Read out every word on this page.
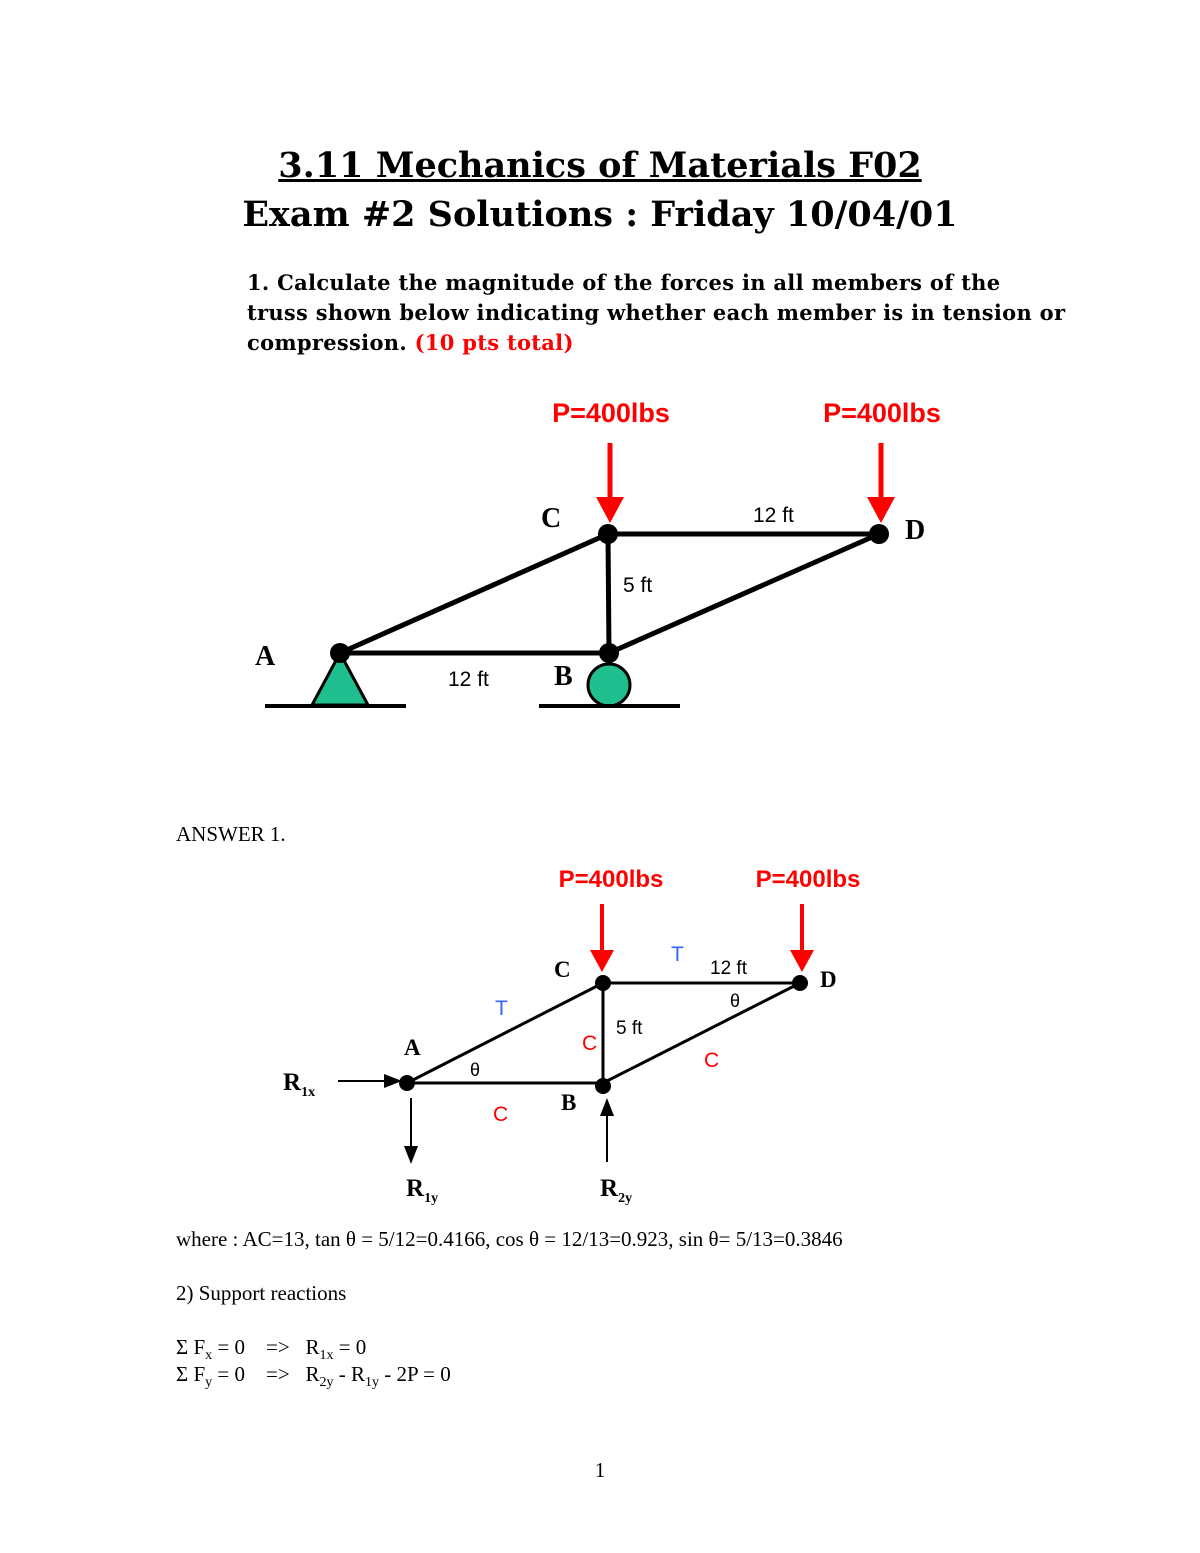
3.11 Mechanics of Materials F02
Exam #2 Solutions : Friday 10/04/01
1. Calculate the magnitude of the forces in all members of the truss shown below indicating whether each member is in tension or compression. (10 pts total)
P=400lbs	P=400lbs
A
B
C	D
12 ft
5 ft
12 ft
ANSWER 1.
P=400lbs	P=400lbs
A
B
C	D
12 ft
5 ft
θ
θ
T
T
C
C
C
$R_{1x}$
$R_{1y}$	$R_{2y}$
where : AC=13, tan θ = 5/12=0.4166, cos θ = 12/13=0.923, sin θ= 5/13=0.3846
2) Support reactions
Σ $F_x = 0 => R_{1x} = 0$
Σ $F_y = 0 => R_{2y} - R_{1y} - 2P = 0$
1
